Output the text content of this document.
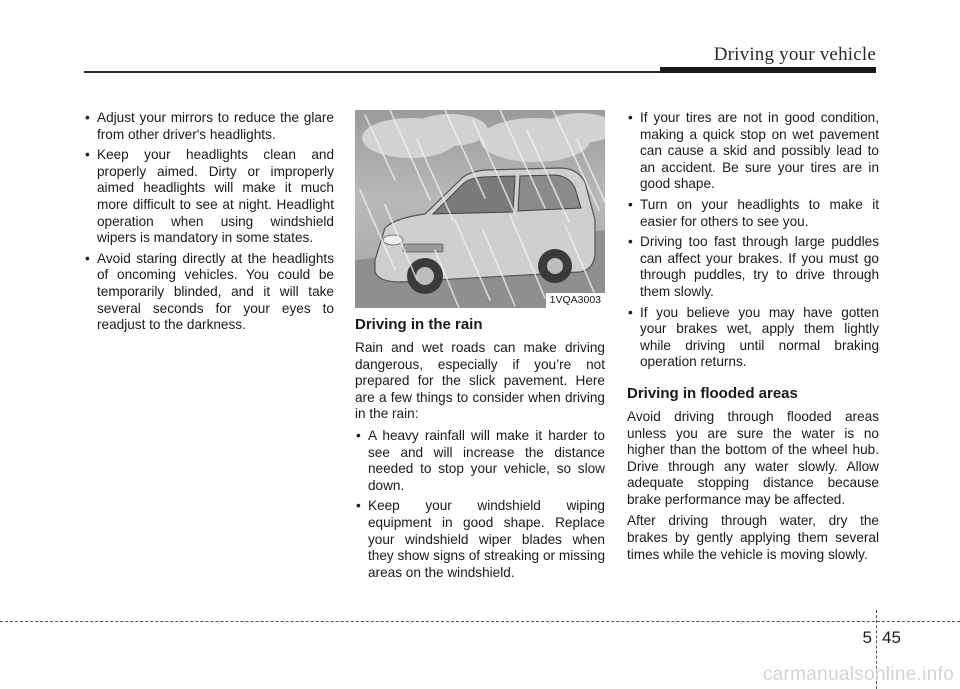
Driving your vehicle
• Adjust your mirrors to reduce the glare from other driver's headlights.
• Keep your headlights clean and properly aimed. Dirty or improperly aimed headlights will make it much more difficult to see at night. Headlight operation when using windshield wipers is mandatory in some states.
• Avoid staring directly at the headlights of oncoming vehicles. You could be temporarily blinded, and it will take several seconds for your eyes to readjust to the darkness.
1VQA3003
Driving in the rain

Rain and wet roads can make driving dangerous, especially if you’re not prepared for the slick pavement. Here are a few things to consider when driving in the rain:

• A heavy rainfall will make it harder to see and will increase the distance needed to stop your vehicle, so slow down.
• Keep your windshield wiping equipment in good shape. Replace your windshield wiper blades when they show signs of streaking or missing areas on the windshield.
• If your tires are not in good condition, making a quick stop on wet pavement can cause a skid and possibly lead to an accident. Be sure your tires are in good shape.
• Turn on your headlights to make it easier for others to see you.
• Driving too fast through large puddles can affect your brakes. If you must go through puddles, try to drive through them slowly.
• If you believe you may have gotten your brakes wet, apply them lightly while driving until normal braking operation returns.
Driving in flooded areas

Avoid driving through flooded areas unless you are sure the water is no higher than the bottom of the wheel hub. Drive through any water slowly. Allow adequate stopping distance because brake performance may be affected.

After driving through water, dry the brakes by gently applying them several times while the vehicle is moving slowly.

5 45
carmanualsonline.info
